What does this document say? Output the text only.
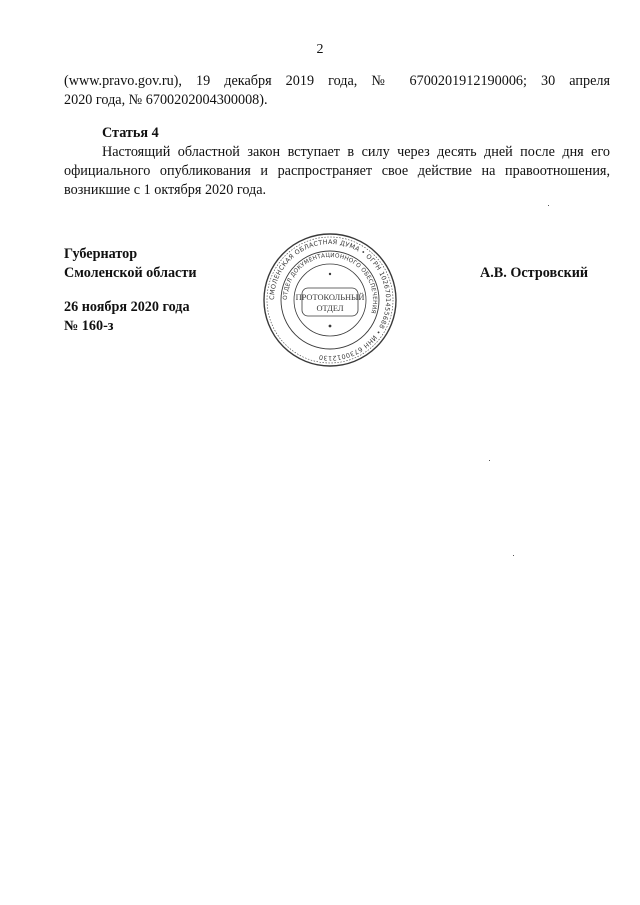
2
(www.pravo.gov.ru), 19 декабря 2019 года, № 6700201912190006; 30 апреля
2020 года, № 6700202004300008).
Статья 4
Настоящий областной закон вступает в силу через десять дней после дня его официального опубликования и распространяет свое действие на правоотношения, возникшие с 1 октября 2020 года.
Губернатор
Смоленской области
26 ноября 2020 года
№ 160-з
А.В. Островский
СМОЛЕНСКАЯ ОБЛАСТНАЯ ДУМА • ОГРН 1026701455688 • ИНН 6730012130
ОТДЕЛ ДОКУМЕНТАЦИОННОГО ОБЕСПЕЧЕНИЯ
ПРОТОКОЛЬНЫЙ
ОТДЕЛ
